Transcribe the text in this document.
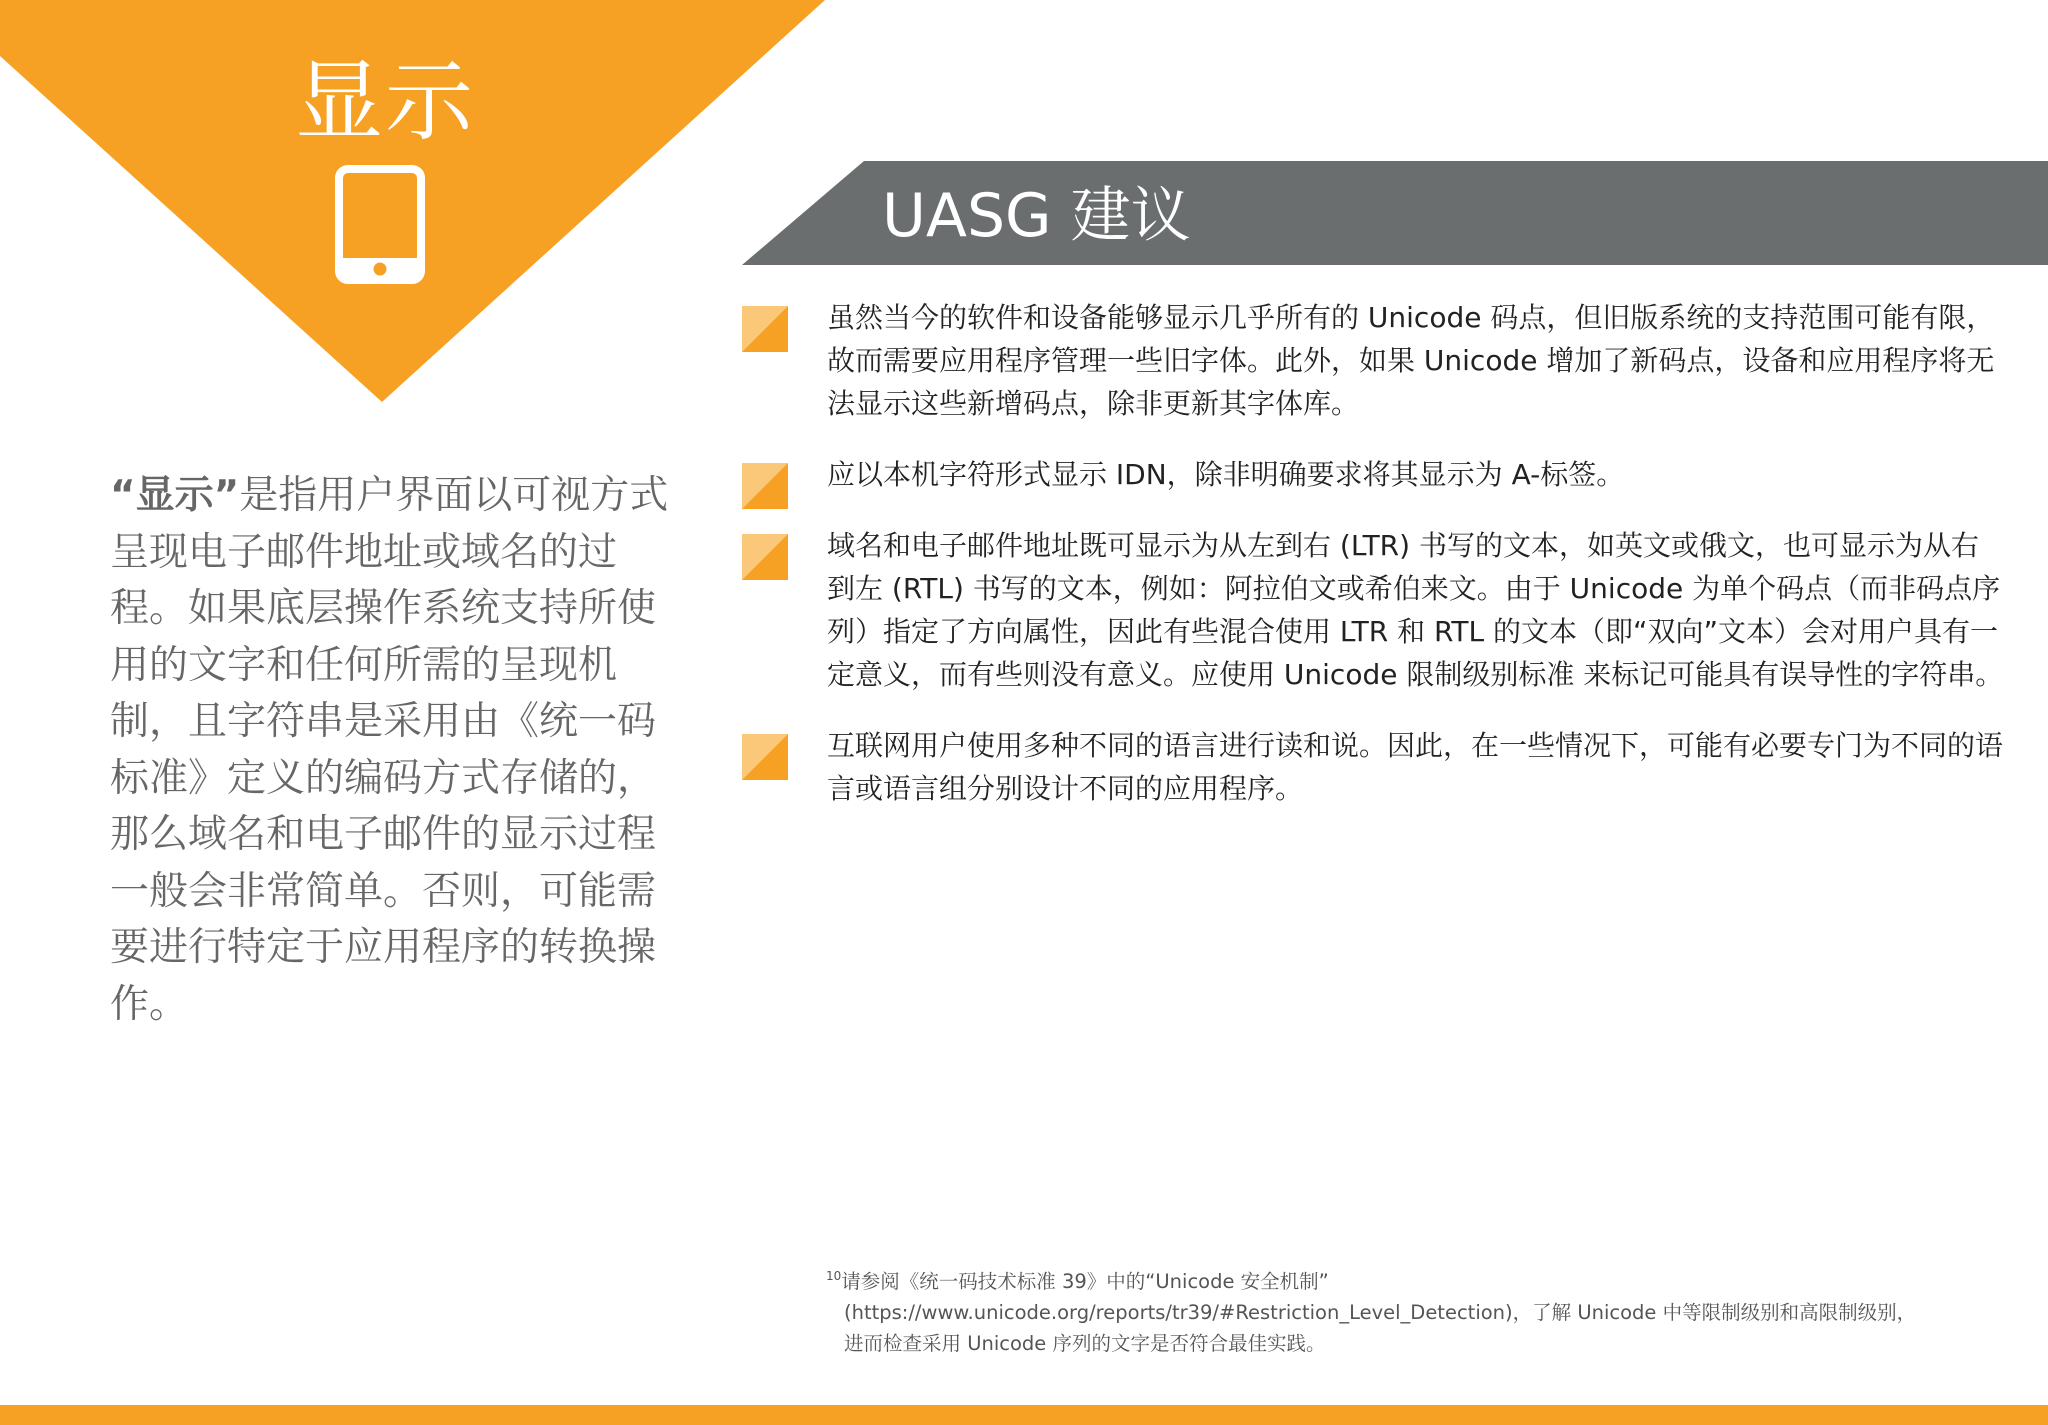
显示
“显示”是指用户界面以可视方式呈现电子邮件地址或域名的过程。如果底层操作系统支持所使用的文字和任何所需的呈现机制，且字符串是采用由《统一码标准》定义的编码方式存储的，那么域名和电子邮件的显示过程一般会非常简单。否则，可能需要进行特定于应用程序的转换操作。
UASG 建议
虽然当今的软件和设备能够显示几乎所有的 Unicode 码点，但旧版系统的支持范围可能有限，故而需要应用程序管理一些旧字体。此外，如果 Unicode 增加了新码点，设备和应用程序将无法显示这些新增码点，除非更新其字体库。
应以本机字符形式显示 IDN，除非明确要求将其显示为 A-标签。
域名和电子邮件地址既可显示为从左到右 (LTR) 书写的文本，如英文或俄文，也可显示为从右到左 (RTL) 书写的文本，例如：阿拉伯文或希伯来文。由于 Unicode 为单个码点（而非码点序列）指定了方向属性，因此有些混合使用 LTR 和 RTL 的文本（即“双向”文本）会对用户具有一定意义，而有些则没有意义。应使用 Unicode 限制级别标准 来标记可能具有误导性的字符串。
互联网用户使用多种不同的语言进行读和说。因此，在一些情况下，可能有必要专门为不同的语言或语言组分别设计不同的应用程序。
$^{10}$请参阅《统一码技术标准 39》中的“Unicode 安全机制”
(https://www.unicode.org/reports/tr39/#Restriction_Level_Detection)，了解 Unicode 中等限制级别和高限制级别，
进而检查采用 Unicode 序列的文字是否符合最佳实践。
